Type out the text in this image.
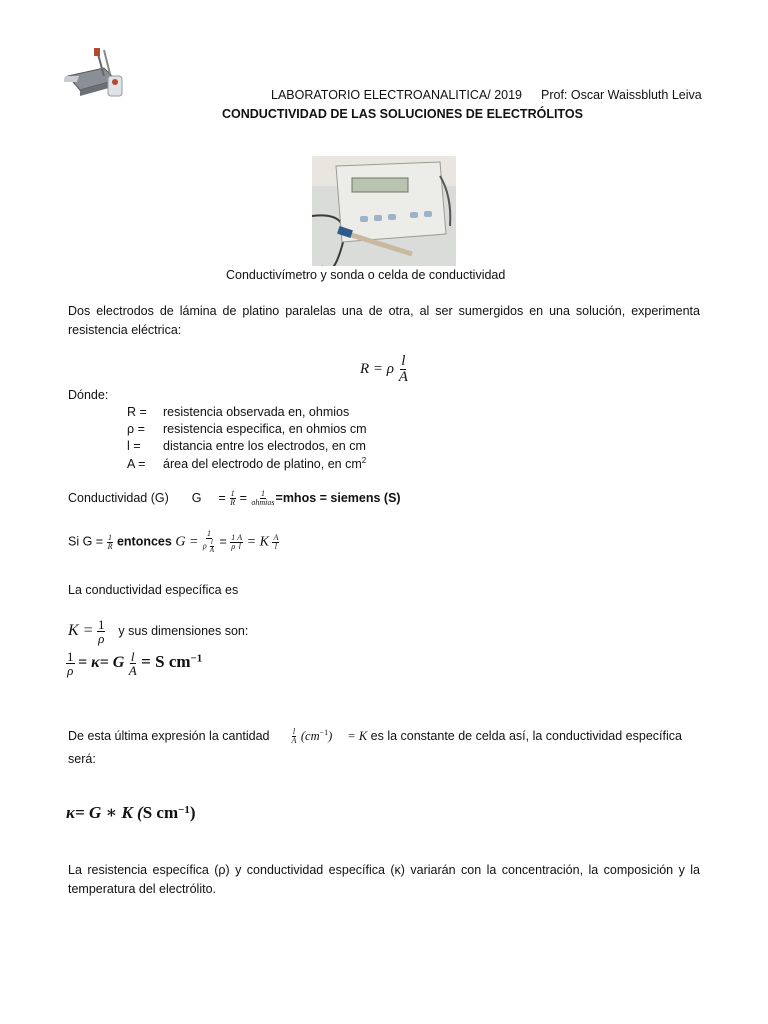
LABORATORIO ELECTROANALITICA/ 2019 Prof: Oscar Waissbluth Leiva
CONDUCTIVIDAD DE LAS SOLUCIONES DE ELECTRÓLITOS
Conductivímetro y sonda o celda de conductividad
Dos electrodos de lámina de platino paralelas una de otra, al ser sumergidos en una solución, experimenta resistencia eléctrica:
R = ρ $\frac{l}{A}$
Dónde:
R = resistencia observada en, ohmios
ρ = resistencia especifica, en ohmios cm
l = distancia entre los electrodos, en cm
A = área del electrodo de platino, en $cm^2$
Conductividad (G) $G = \frac{1}{R} = \frac{1}{\text{ohmios}}$ =mhos = siemens (S)
Si $G = \frac{1}{R}$ entonces $G = \frac{1}{\rho \frac{l}{A}} = \frac{1}{\rho} \frac{A}{l} = K \frac{A}{l}$
La conductividad específica es
$K = \frac{1}{\rho}$ y sus dimensiones son:
$\frac{1}{\rho} = \kappa= G \frac{l}{A} = S$ $cm^{-1}$
De esta última expresión la cantidad	$\frac{l}{A} (cm^{-1}) = K$ es la constante de celda así, la conductividad específica
será:
κ= G ∗ K (S $cm^{-1}$)
La resistencia específica (ρ) y conductividad específica (κ) variarán con la concentración, la composición y la temperatura del electrólito.
